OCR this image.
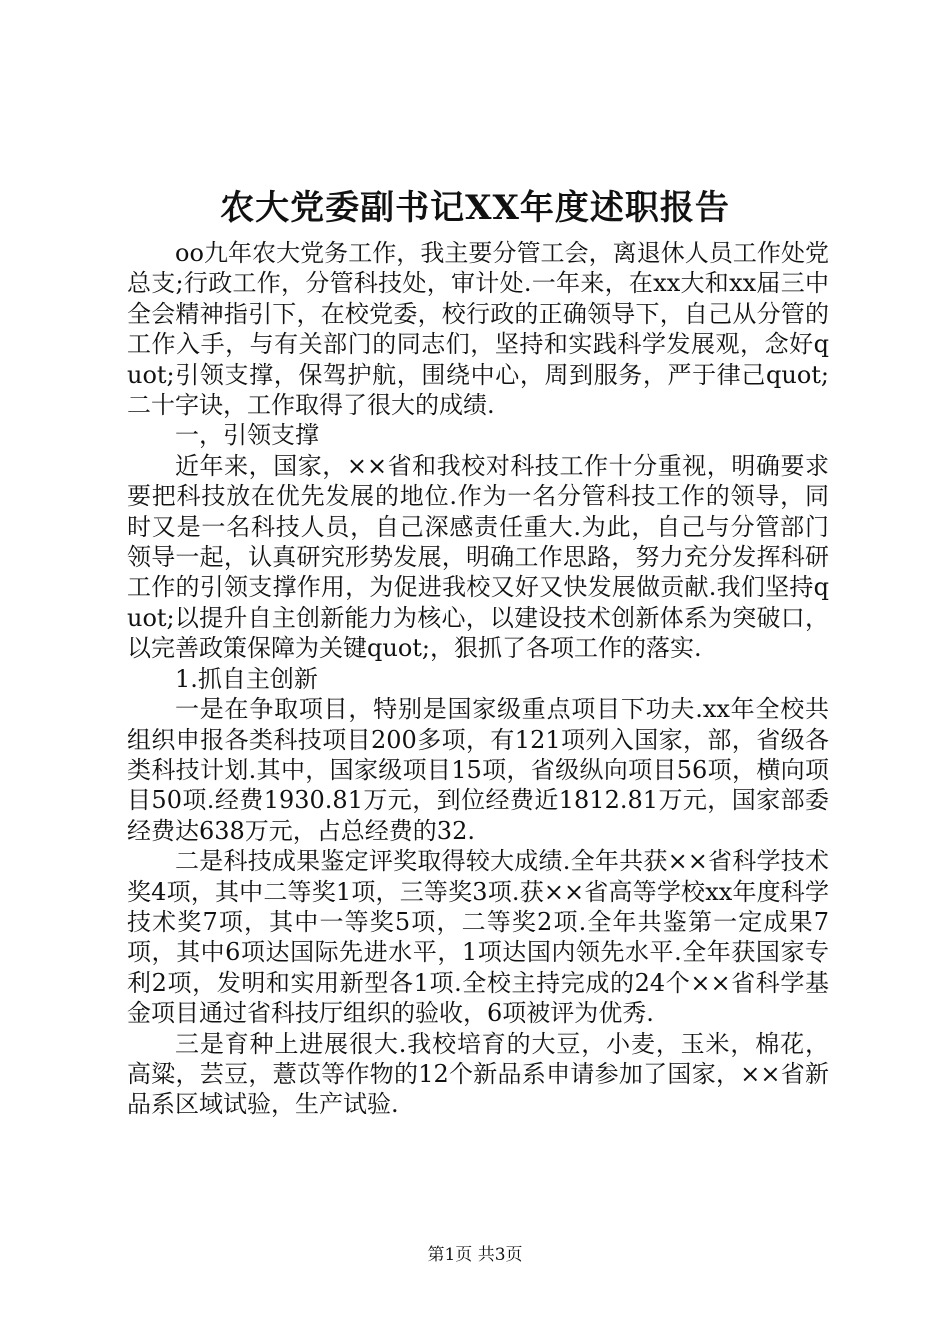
农大党委副书记XX年度述职报告

oo九年农大党务工作，我主要分管工会，离退休人员工作处党总支;行政工作，分管科技处，审计处.一年来，在xx大和xx届三中全会精神指引下，在校党委，校行政的正确领导下，自己从分管的工作入手，与有关部门的同志们，坚持和实践科学发展观，念好quot;引领支撑，保驾护航，围绕中心，周到服务，严于律己quot;二十字诀，工作取得了很大的成绩.

一，引领支撑

近年来，国家，××省和我校对科技工作十分重视，明确要求要把科技放在优先发展的地位.作为一名分管科技工作的领导，同时又是一名科技人员，自己深感责任重大.为此，自己与分管部门领导一起，认真研究形势发展，明确工作思路，努力充分发挥科研工作的引领支撑作用，为促进我校又好又快发展做贡献.我们坚持quot;以提升自主创新能力为核心，以建设技术创新体系为突破口，以完善政策保障为关键quot;，狠抓了各项工作的落实.

1.抓自主创新

一是在争取项目，特别是国家级重点项目下功夫.xx年全校共组织申报各类科技项目200多项，有121项列入国家，部，省级各类科技计划.其中，国家级项目15项，省级纵向项目56项，横向项目50项.经费1930.81万元，到位经费近1812.81万元，国家部委经费达638万元，占总经费的32.

二是科技成果鉴定评奖取得较大成绩.全年共获××省科学技术奖4项，其中二等奖1项，三等奖3项.获××省高等学校xx年度科学技术奖7项，其中一等奖5项，二等奖2项.全年共鉴第一定成果7项，其中6项达国际先进水平，1项达国内领先水平.全年获国家专利2项，发明和实用新型各1项.全校主持完成的24个××省科学基金项目通过省科技厅组织的验收，6项被评为优秀.

三是育种上进展很大.我校培育的大豆，小麦，玉米，棉花，高粱，芸豆，薏苡等作物的12个新品系申请参加了国家，××省新品系区域试验，生产试验.

第1页 共3页
